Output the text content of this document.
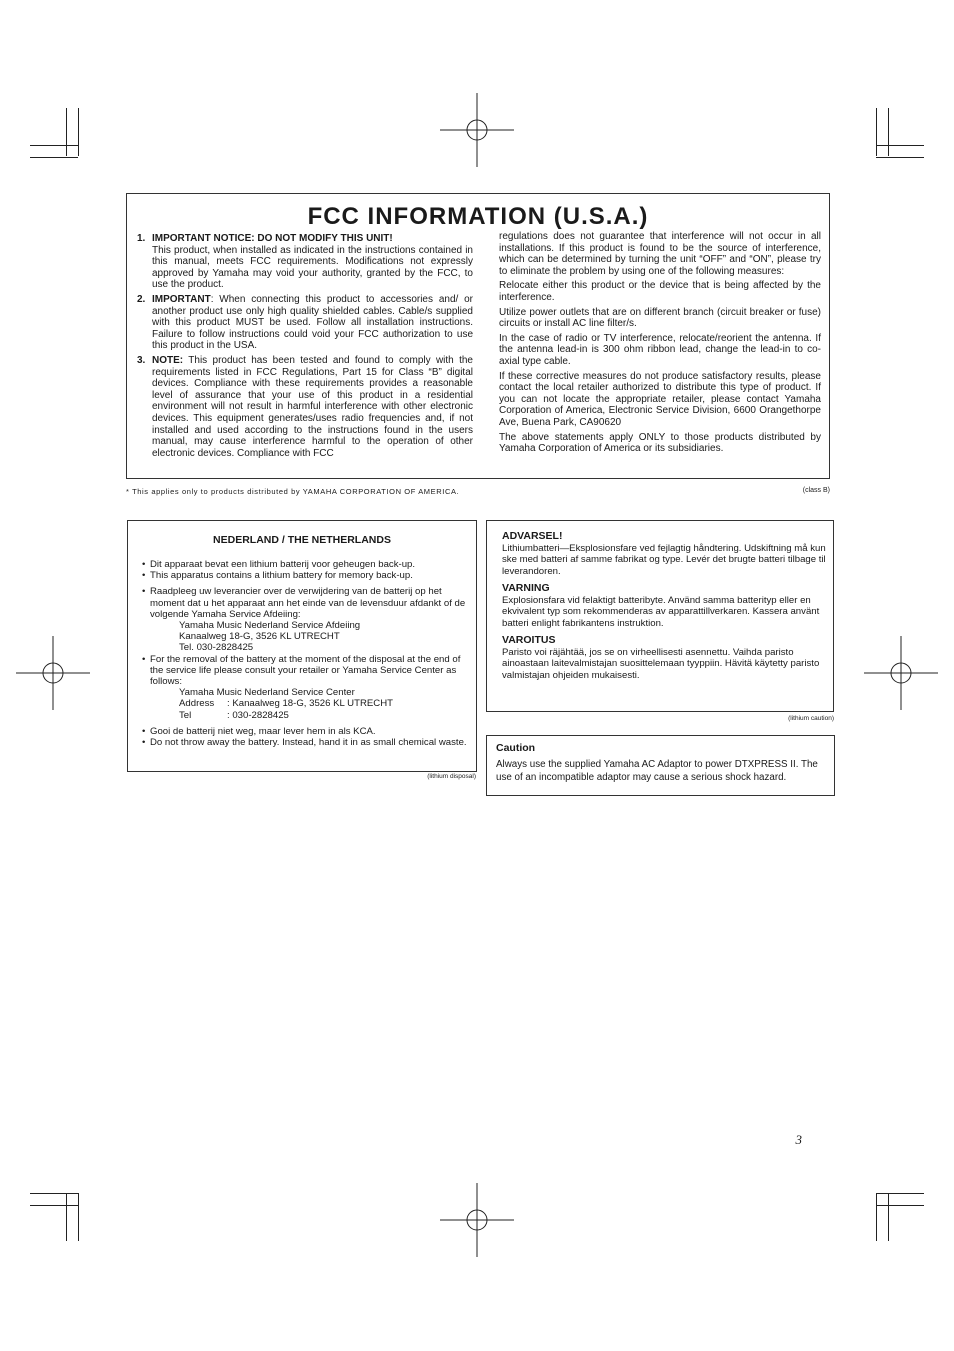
FCC INFORMATION (U.S.A.)
1. IMPORTANT NOTICE: DO NOT MODIFY THIS UNIT!
This product, when installed as indicated in the instructions contained in this manual, meets FCC requirements. Modifications not expressly approved by Yamaha may void your authority, granted by the FCC, to use the product.
2. IMPORTANT: When connecting this product to accessories and/ or another product use only high quality shielded cables. Cable/s supplied with this product MUST be used. Follow all installation instructions. Failure to follow instructions could void your FCC authorization to use this product in the USA.
3. NOTE: This product has been tested and found to comply with the requirements listed in FCC Regulations, Part 15 for Class “B” digital devices. Compliance with these requirements provides a reasonable level of assurance that your use of this product in a residential environment will not result in harmful interference with other electronic devices. This equipment generates/uses radio frequencies and, if not installed and used according to the instructions found in the users manual, may cause interference harmful to the operation of other electronic devices. Compliance with FCC

regulations does not guarantee that interference will not occur in all installations. If this product is found to be the source of interference, which can be determined by turning the unit “OFF” and “ON”, please try to eliminate the problem by using one of the following measures:

Relocate either this product or the device that is being affected by the interference.

Utilize power outlets that are on different branch (circuit breaker or fuse) circuits or install AC line filter/s.

In the case of radio or TV interference, relocate/reorient the antenna. If the antenna lead-in is 300 ohm ribbon lead, change the lead-in to co-axial type cable.

If these corrective measures do not produce satisfactory results, please contact the local retailer authorized to distribute this type of product. If you can not locate the appropriate retailer, please contact Yamaha Corporation of America, Electronic Service Division, 6600 Orangethorpe Ave, Buena Park, CA90620

The above statements apply ONLY to those products distributed by Yamaha Corporation of America or its subsidiaries.

* This applies only to products distributed by YAMAHA CORPORATION OF AMERICA.	(class B)
NEDERLAND / THE NETHERLANDS
• Dit apparaat bevat een lithium batterij voor geheugen back-up.
• This apparatus contains a lithium battery for memory back-up.
• Raadpleeg uw leverancier over de verwijdering van de batterij op het moment dat u het apparaat ann het einde van de levensduur afdankt of de volgende Yamaha Service Afdeiing:
Yamaha Music Nederland Service Afdeiing
Kanaalweg 18-G, 3526 KL UTRECHT
Tel. 030-2828425
• For the removal of the battery at the moment of the disposal at the end of the service life please consult your retailer or Yamaha Service Center as follows:
Yamaha Music Nederland Service Center
Address	: Kanaalweg 18-G, 3526 KL UTRECHT
Tel	: 030-2828425
• Gooi de batterij niet weg, maar lever hem in als KCA.
• Do not throw away the battery. Instead, hand it in as small chemical waste.
(lithium disposal)

ADVARSEL!

Lithiumbatteri—Eksplosionsfare ved fejlagtig håndtering. Udskiftning må kun ske med batteri af samme fabrikat og type. Levér det brugte batteri tilbage til leverandoren.

VARNING

Explosionsfara vid felaktigt batteribyte. Använd samma batterityp eller en ekvivalent typ som rekommenderas av apparattillverkaren. Kassera använt batteri enlight fabrikantens instruktion.

VAROITUS

Paristo voi räjähtää, jos se on virheellisesti asennettu. Vaihda paristo ainoastaan laitevalmistajan suosittelemaan tyyppiin. Hävitä käytetty paristo valmistajan ohjeiden mukaisesti.
(lithium caution)

Caution

Always use the supplied Yamaha AC Adaptor to power DTXPRESS II. The use of an incompatible adaptor may cause a serious shock hazard.
3
